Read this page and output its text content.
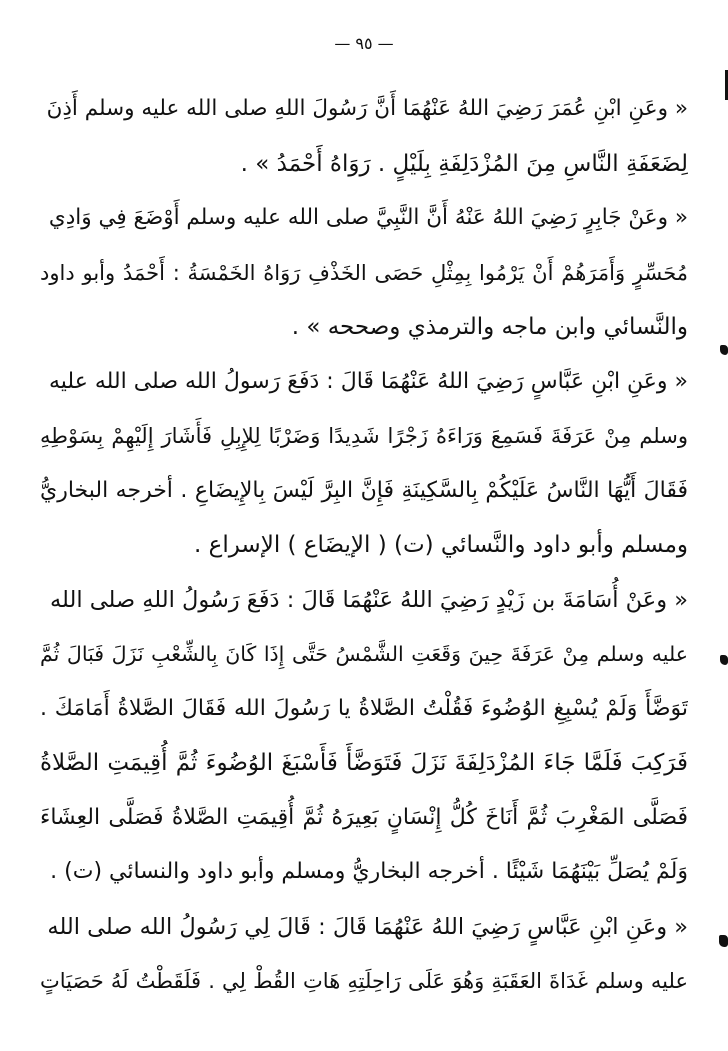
— ٩٥ —
« وعَنِ ابْنِ عُمَرَ رَضِيَ اللهُ عَنْهُمَا أَنَّ رَسُولَ اللهِ صلى الله عليه وسلم أَذِنَ
لِضَعَفَةِ النَّاسِ مِنَ المُزْدَلِفَةِ بِلَيْلٍ . رَوَاهُ أَحْمَدُ » .
« وعَنْ جَابِرٍ رَضِيَ اللهُ عَنْهُ أَنَّ النَّبِيَّ صلى الله عليه وسلم أَوْضَعَ فِي وَادِي
مُحَسِّرٍ وَأَمَرَهُمْ أَنْ يَرْمُوا بِمِثْلِ حَصَى الخَذْفِ رَوَاهُ الخَمْسَةُ : أَحْمَدُ وأبو داود
والنَّسائي وابن ماجه والترمذي وصححه » .
« وعَنِ ابْنِ عَبَّاسٍ رَضِيَ اللهُ عَنْهُمَا قَالَ : دَفَعَ رَسولُ الله صلى الله عليه
وسلم مِنْ عَرَفَةَ فَسَمِعَ وَرَاءَهُ زَجْرًا شَدِيدًا وَضَرْبًا لِلإِبِلِ فَأَشَارَ إِلَيْهِمْ بِسَوْطِهِ
فَقَالَ أَيُّهَا النَّاسُ عَلَيْكُمْ بِالسَّكِينَةِ فَإِنَّ البِرَّ لَيْسَ بِالإِيضَاعِ . أخرجه البخاريُّ
ومسلم وأبو داود والنَّسائي (ت) ( الإيضَاع ) الإسراع .
« وعَنْ أُسَامَةَ بن زَيْدٍ رَضِيَ اللهُ عَنْهُمَا قَالَ : دَفَعَ رَسُولُ اللهِ صلى الله
عليه وسلم مِنْ عَرَفَةَ حِينَ وَقَعَتِ الشَّمْسُ حَتَّى إِذَا كَانَ بِالشِّعْبِ نَزَلَ فَبَالَ ثُمَّ
تَوَضَّأَ وَلَمْ يُسْبِغِ الوُضُوءَ فَقُلْتُ الصَّلاةُ يا رَسُولَ الله فَقَالَ الصَّلاةُ أَمَامَكَ .
فَرَكِبَ فَلَمَّا جَاءَ المُزْدَلِفَةَ نَزَلَ فَتَوَضَّأَ فَأَسْبَغَ الوُضُوءَ ثُمَّ أُقِيمَتِ الصَّلاةُ
فَصَلَّى المَغْرِبَ ثُمَّ أَنَاخَ كُلُّ إِنْسَانٍ بَعِيرَهُ ثُمَّ أُقِيمَتِ الصَّلاةُ فَصَلَّى العِشَاءَ
وَلَمْ يُصَلِّ بَيْنَهُمَا شَيْئًا . أخرجه البخاريُّ ومسلم وأبو داود والنسائي (ت) .
« وعَنِ ابْنِ عَبَّاسٍ رَضِيَ اللهُ عَنْهُمَا قَالَ : قَالَ لِي رَسُولُ الله صلى الله
عليه وسلم غَدَاةَ العَقَبَةِ وَهُوَ عَلَى رَاحِلَتِهِ هَاتِ القُطْ لِي . فَلَقَطْتُ لَهُ حَصَيَاتٍ
